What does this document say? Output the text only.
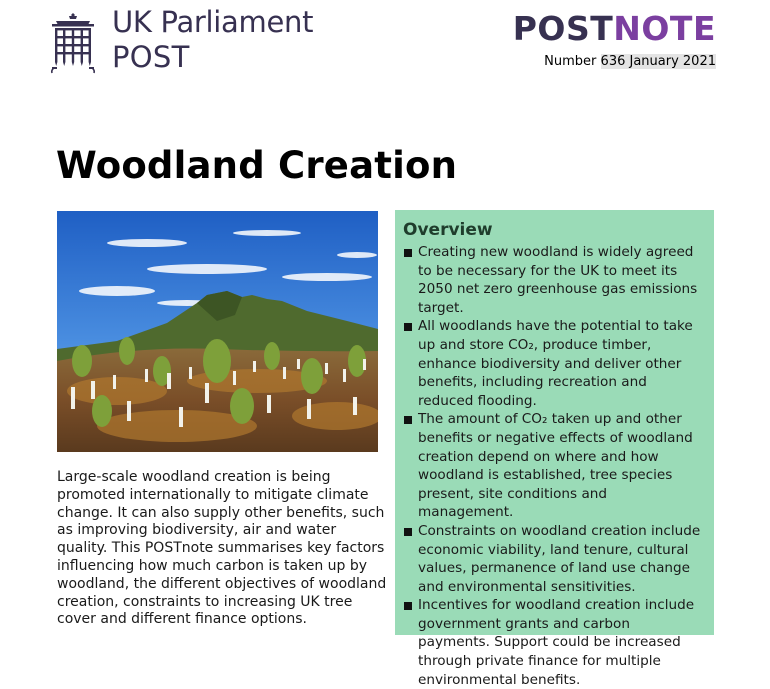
UK Parliament
POST
POSTNOTE
Number 636 January 2021
Woodland Creation

Large-scale woodland creation is being promoted internationally to mitigate climate change. It can also supply other benefits, such as improving biodiversity, air and water quality. This POSTnote summarises key factors influencing how much carbon is taken up by woodland, the different objectives of woodland creation, constraints to increasing UK tree cover and different finance options.

Overview
Creating new woodland is widely agreed to be necessary for the UK to meet its 2050 net zero greenhouse gas emissions target.
All woodlands have the potential to take up and store CO₂, produce timber, enhance biodiversity and deliver other benefits, including recreation and reduced flooding.
The amount of CO₂ taken up and other benefits or negative effects of woodland creation depend on where and how woodland is established, tree species present, site conditions and management.
Constraints on woodland creation include economic viability, land tenure, cultural values, permanence of land use change and environmental sensitivities.
Incentives for woodland creation include government grants and carbon payments. Support could be increased through private finance for multiple environmental benefits.
